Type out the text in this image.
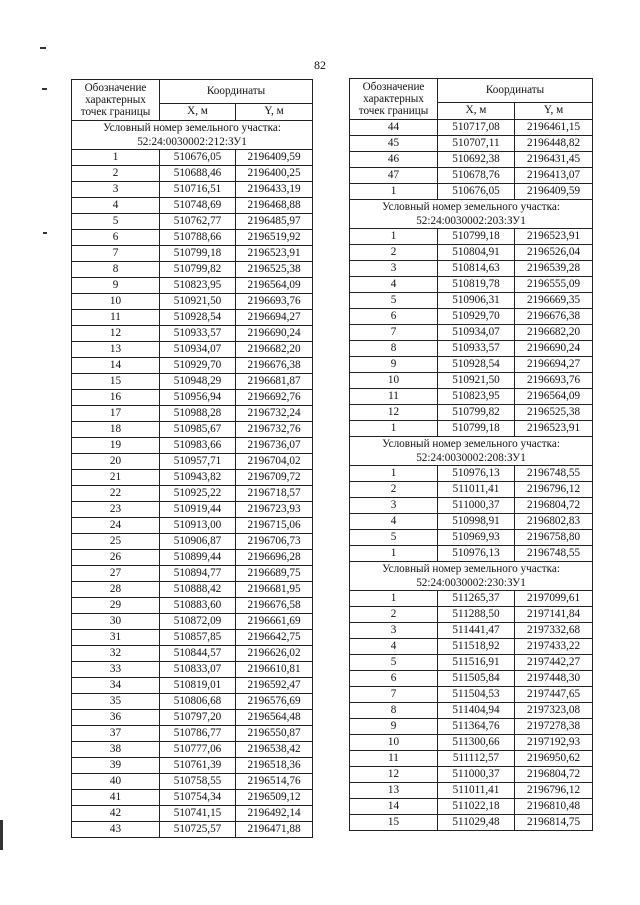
82
Обозначение характерных точек границы	Координаты	
	X, м	Y, м
Условный номер земельного участка: 52:24:0030002:212:ЗУ1		
1	510676,05	2196409,59
2	510688,46	2196400,25
3	510716,51	2196433,19
4	510748,69	2196468,88
5	510762,77	2196485,97
6	510788,66	2196519,92
7	510799,18	2196523,91
8	510799,82	2196525,38
9	510823,95	2196564,09
10	510921,50	2196693,76
11	510928,54	2196694,27
12	510933,57	2196690,24
13	510934,07	2196682,20
14	510929,70	2196676,38
15	510948,29	2196681,87
16	510956,94	2196692,76
17	510988,28	2196732,24
18	510985,67	2196732,76
19	510983,66	2196736,07
20	510957,71	2196704,02
21	510943,82	2196709,72
22	510925,22	2196718,57
23	510919,44	2196723,93
24	510913,00	2196715,06
25	510906,87	2196706,73
26	510899,44	2196696,28
27	510894,77	2196689,75
28	510888,42	2196681,95
29	510883,60	2196676,58
30	510872,09	2196661,69
31	510857,85	2196642,75
32	510844,57	2196626,02
33	510833,07	2196610,81
34	510819,01	2196592,47
35	510806,68	2196576,69
36	510797,20	2196564,48
37	510786,77	2196550,87
38	510777,06	2196538,42
39	510761,39	2196518,36
40	510758,55	2196514,76
41	510754,34	2196509,12
42	510741,15	2196492,14
43	510725,57	2196471,88
Обозначение характерных точек границы	Координаты	
	X, м	Y, м
44	510717,08	2196461,15
45	510707,11	2196448,82
46	510692,38	2196431,45
47	510678,76	2196413,07
1	510676,05	2196409,59
Условный номер земельного участка: 52:24:0030002:203:ЗУ1		
1	510799,18	2196523,91
2	510804,91	2196526,04
3	510814,63	2196539,28
4	510819,78	2196555,09
5	510906,31	2196669,35
6	510929,70	2196676,38
7	510934,07	2196682,20
8	510933,57	2196690,24
9	510928,54	2196694,27
10	510921,50	2196693,76
11	510823,95	2196564,09
12	510799,82	2196525,38
1	510799,18	2196523,91
Условный номер земельного участка: 52:24:0030002:208:ЗУ1		
1	510976,13	2196748,55
2	511011,41	2196796,12
3	511000,37	2196804,72
4	510998,91	2196802,83
5	510969,93	2196758,80
1	510976,13	2196748,55
Условный номер земельного участка: 52:24:0030002:230:ЗУ1		
1	511265,37	2197099,61
2	511288,50	2197141,84
3	511441,47	2197332,68
4	511518,92	2197433,22
5	511516,91	2197442,27
6	511505,84	2197448,30
7	511504,53	2197447,65
8	511404,94	2197323,08
9	511364,76	2197278,38
10	511300,66	2197192,93
11	511112,57	2196950,62
12	511000,37	2196804,72
13	511011,41	2196796,12
14	511022,18	2196810,48
15	511029,48	2196814,75
